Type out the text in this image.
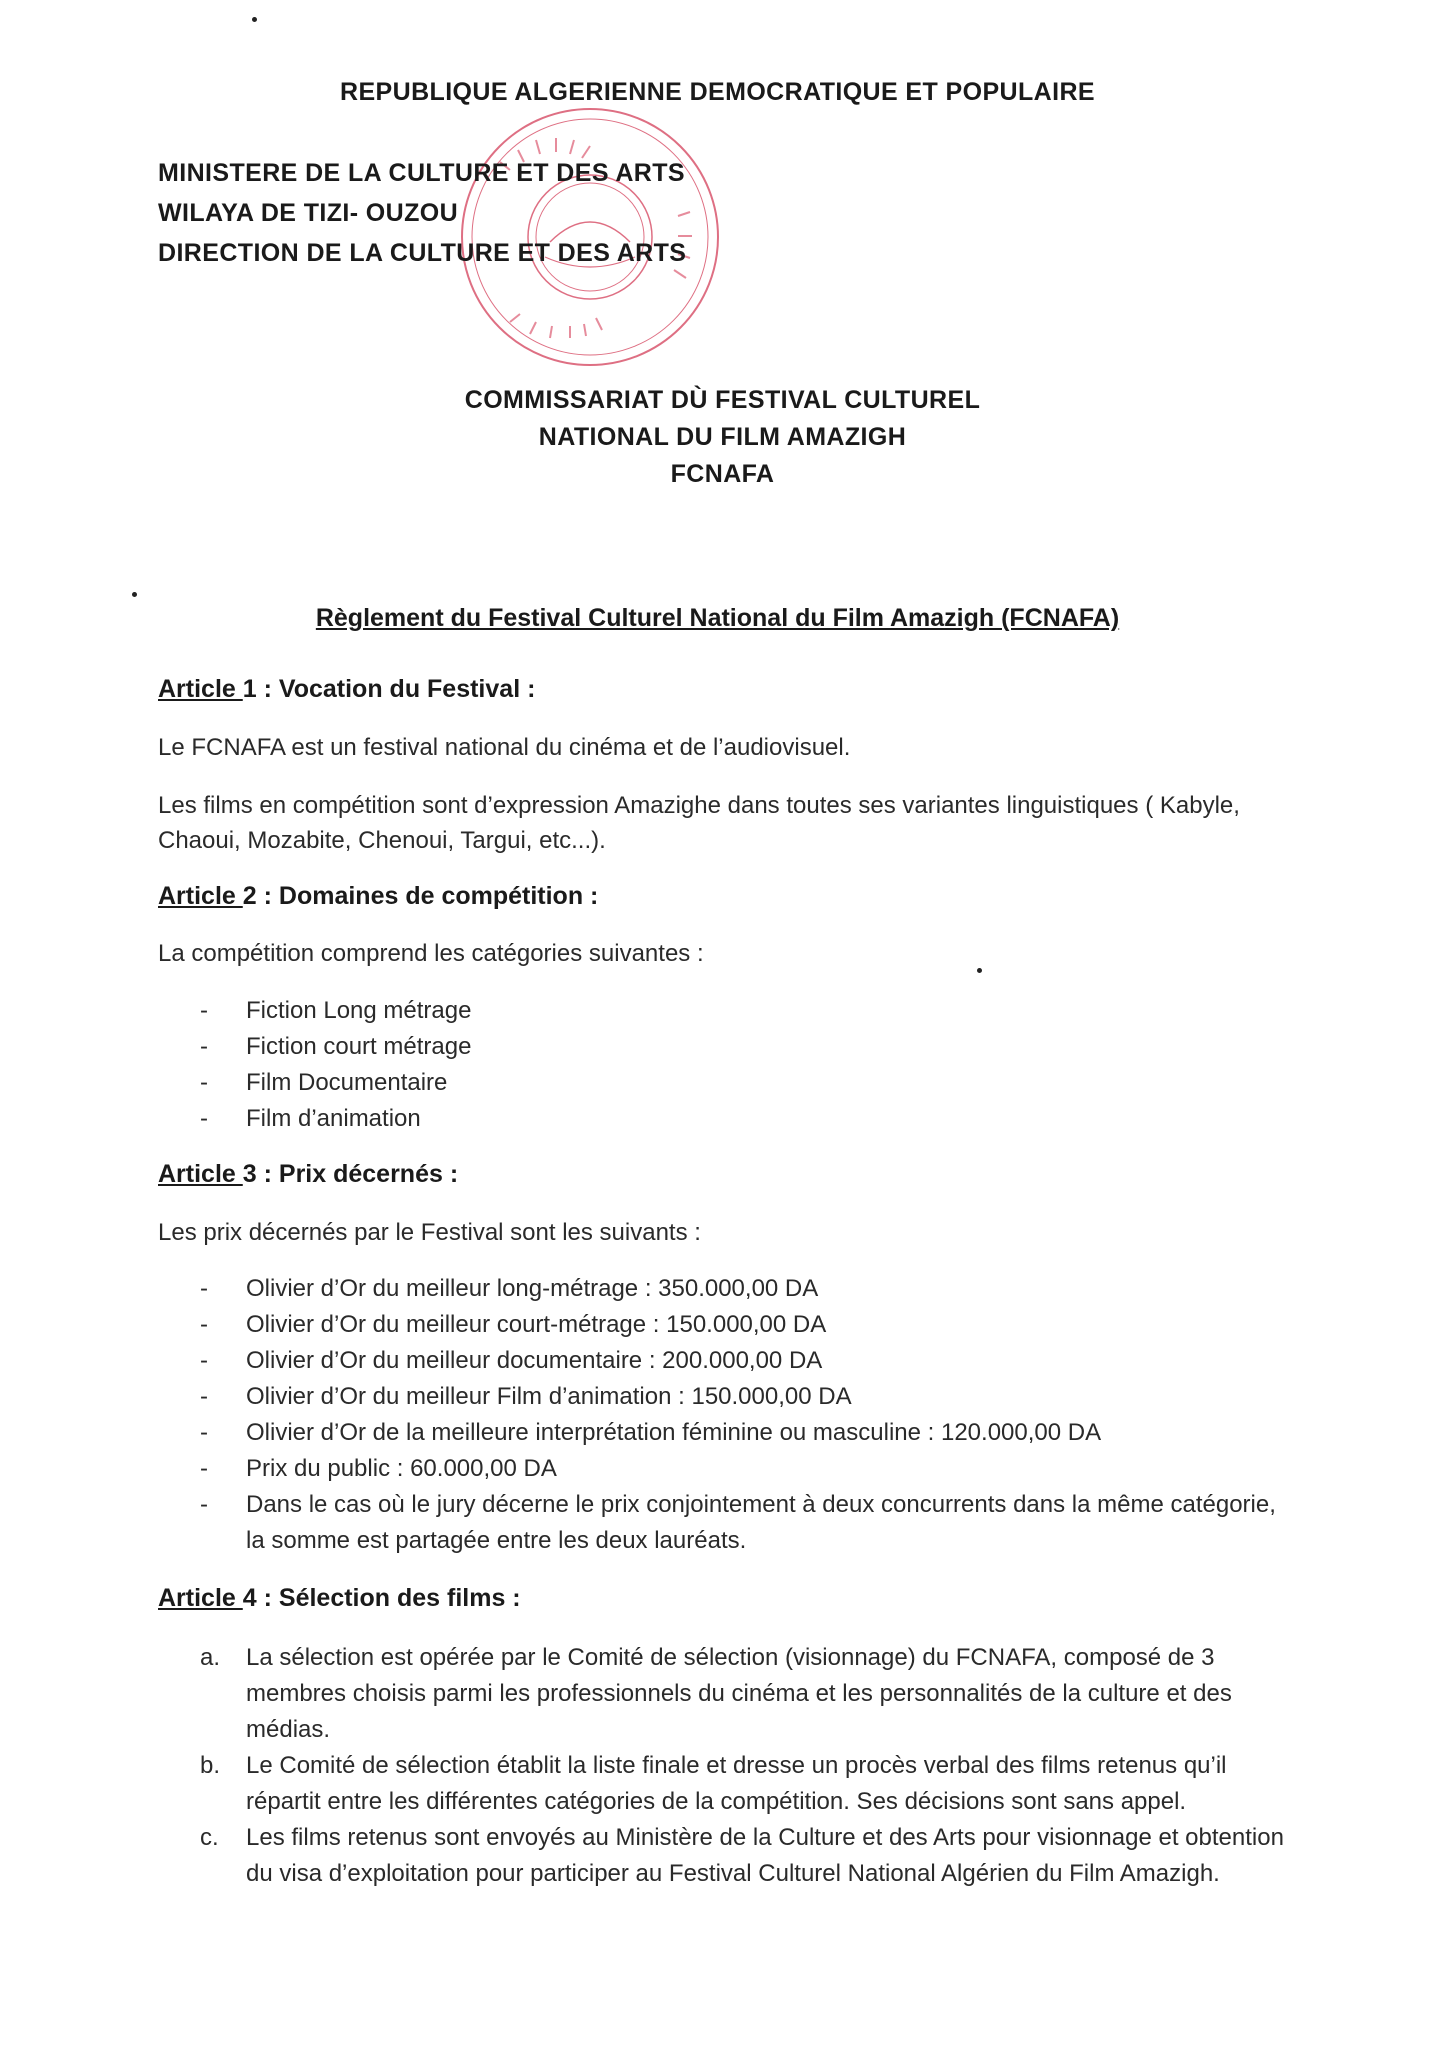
REPUBLIQUE ALGERIENNE DEMOCRATIQUE ET POPULAIRE
MINISTERE DE LA CULTURE ET DES ARTS
WILAYA DE TIZI- OUZOU
DIRECTION DE LA CULTURE ET DES ARTS
COMMISSARIAT DÙ FESTIVAL CULTUREL
NATIONAL DU FILM AMAZIGH
FCNAFA
Règlement du Festival Culturel National du Film Amazigh (FCNAFA)
Article 1 : Vocation du Festival :
Le FCNAFA est un festival national du cinéma et de l’audiovisuel.
Les films en compétition sont d’expression Amazighe dans toutes ses variantes linguistiques ( Kabyle, Chaoui, Mozabite, Chenoui, Targui, etc...).
Article 2 : Domaines de compétition :
La compétition comprend les catégories suivantes :
- Fiction Long métrage
- Fiction court métrage
- Film Documentaire
- Film d’animation
Article 3 : Prix décernés :
Les prix décernés par le Festival sont les suivants :
- Olivier d’Or du meilleur long-métrage : 350.000,00 DA
- Olivier d’Or du meilleur court-métrage : 150.000,00 DA
- Olivier d’Or du meilleur documentaire : 200.000,00 DA
- Olivier d’Or du meilleur Film d’animation : 150.000,00 DA
- Olivier d’Or de la meilleure interprétation féminine ou masculine : 120.000,00 DA
- Prix du public : 60.000,00 DA
- Dans le cas où le jury décerne le prix conjointement à deux concurrents dans la même catégorie, la somme est partagée entre les deux lauréats.
Article 4 : Sélection des films :
a. La sélection est opérée par le Comité de sélection (visionnage) du FCNAFA, composé de 3 membres choisis parmi les professionnels du cinéma et les personnalités de la culture et des médias.
b. Le Comité de sélection établit la liste finale et dresse un procès verbal des films retenus qu’il répartit entre les différentes catégories de la compétition. Ses décisions sont sans appel.
c. Les films retenus sont envoyés au Ministère de la Culture et des Arts pour visionnage et obtention du visa d’exploitation pour participer au Festival Culturel National Algérien du Film Amazigh.
